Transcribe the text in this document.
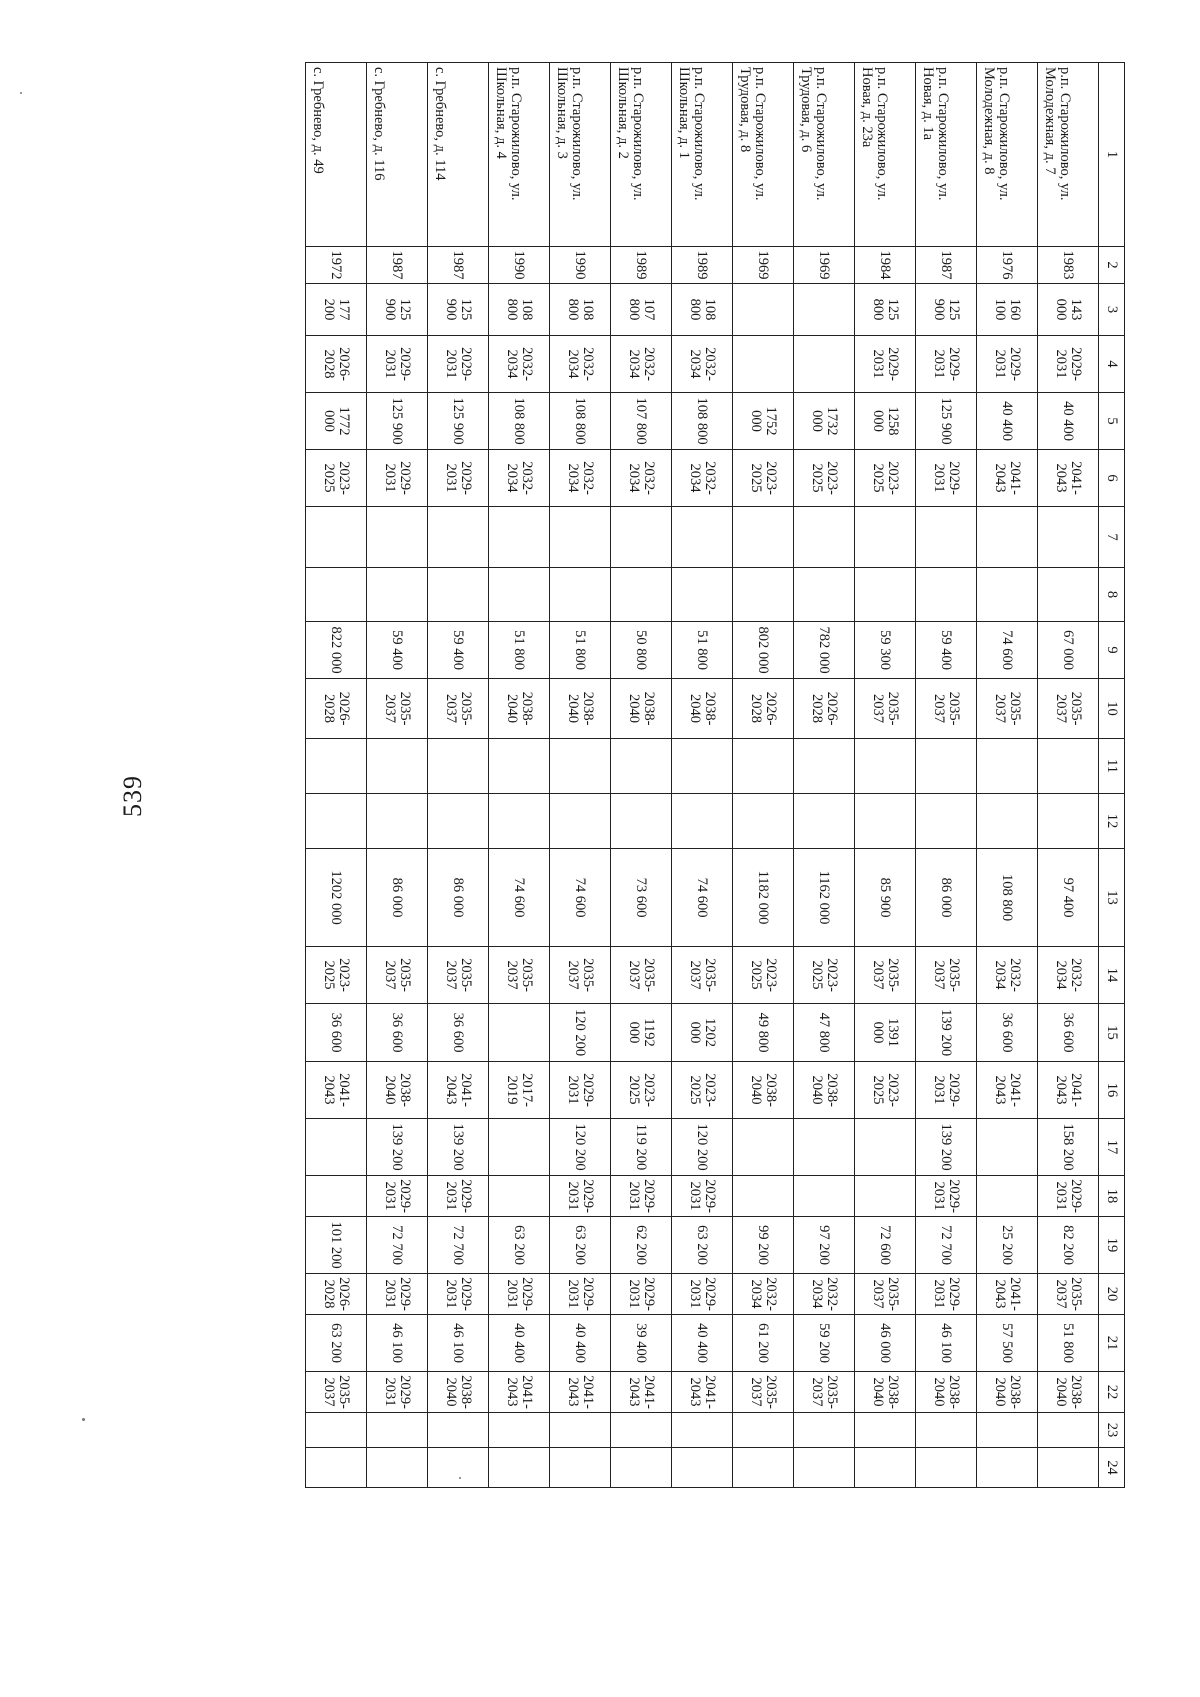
539
1	2	3	4	5	6	7	8	9	10	11	12	13	14	15	16	17	18	19	20	21	22	23	24
р.п. Старожилово, ул. Молодежная, д. 7	1983	143 000	2029-2031	40 400	2041-2043			67 000	2035-2037			97 400	2032-2034	36 600	2041-2043	158 200	2029-2031	82 200	2035-2037	51 800	2038-2040		
р.п. Старожилово, ул. Молодежная, д. 8	1976	160 100	2029-2031	40 400	2041-2043			74 600	2035-2037			108 800	2032-2034	36 600	2041-2043			25 200	2041-2043	57 500	2038-2040		
р.п. Старожилово, ул. Новая, д. 1а	1987	125 900	2029-2031	125 900	2029-2031			59 400	2035-2037			86 000	2035-2037	139 200	2029-2031	139 200	2029-2031	72 700	2029-2031	46 100	2038-2040		
р.п. Старожилово, ул. Новая, д. 23а	1984	125 800	2029-2031	1258 000	2023-2025			59 300	2035-2037			85 900	2035-2037	1391 000	2023-2025			72 600	2035-2037	46 000	2038-2040		
р.п. Старожилово, ул. Трудовая, д. 6	1969			1732 000	2023-2025			782 000	2026-2028			1162 000	2023-2025	47 800	2038-2040			97 200	2032-2034	59 200	2035-2037		
р.п. Старожилово, ул. Трудовая, д. 8	1969			1752 000	2023-2025			802 000	2026-2028			1182 000	2023-2025	49 800	2038-2040			99 200	2032-2034	61 200	2035-2037		
р.п. Старожилово, ул. Школьная, д. 1	1989	108 800	2032-2034	108 800	2032-2034			51 800	2038-2040			74 600	2035-2037	1202 000	2023-2025	120 200	2029-2031	63 200	2029-2031	40 400	2041-2043		
р.п. Старожилово, ул. Школьная, д. 2	1989	107 800	2032-2034	107 800	2032-2034			50 800	2038-2040			73 600	2035-2037	1192 000	2023-2025	119 200	2029-2031	62 200	2029-2031	39 400	2041-2043		
р.п. Старожилово, ул. Школьная, д. 3	1990	108 800	2032-2034	108 800	2032-2034			51 800	2038-2040			74 600	2035-2037	120 200	2029-2031	120 200	2029-2031	63 200	2029-2031	40 400	2041-2043		
р.п. Старожилово, ул. Школьная, д. 4	1990	108 800	2032-2034	108 800	2032-2034			51 800	2038-2040			74 600	2035-2037		2017-2019			63 200	2029-2031	40 400	2041-2043		
с. Гребнево, д. 114	1987	125 900	2029-2031	125 900	2029-2031			59 400	2035-2037			86 000	2035-2037	36 600	2041-2043	139 200	2029-2031	72 700	2029-2031	46 100	2038-2040		
с. Гребнево, д. 116	1987	125 900	2029-2031	125 900	2029-2031			59 400	2035-2037			86 000	2035-2037	36 600	2038-2040	139 200	2029-2031	72 700	2029-2031	46 100	2029-2031		
с. Гребнево, д. 49	1972	177 200	2026-2028	1772 000	2023-2025			822 000	2026-2028			1202 000	2023-2025	36 600	2041-2043			101 200	2026-2028	63 200	2035-2037		
